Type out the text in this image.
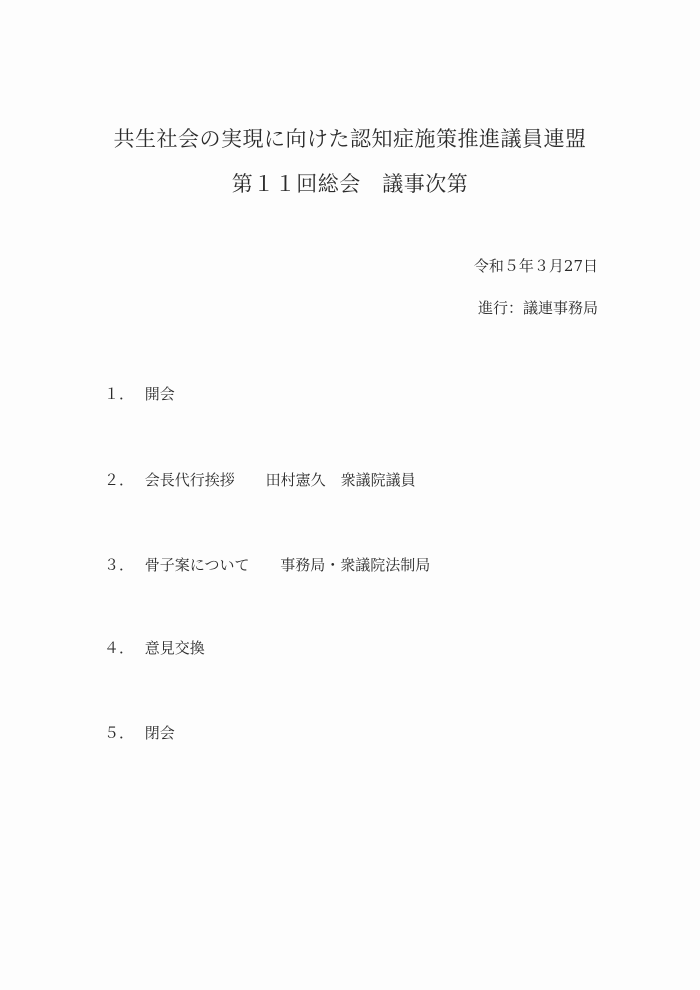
共生社会の実現に向けた認知症施策推進議員連盟
第１１回総会　議事次第
令和５年３月27日
進行：議連事務局
１． 開会
２． 会長代行挨拶 田村憲久　衆議院議員
３． 骨子案について 事務局・衆議院法制局
４． 意見交換
５． 閉会
